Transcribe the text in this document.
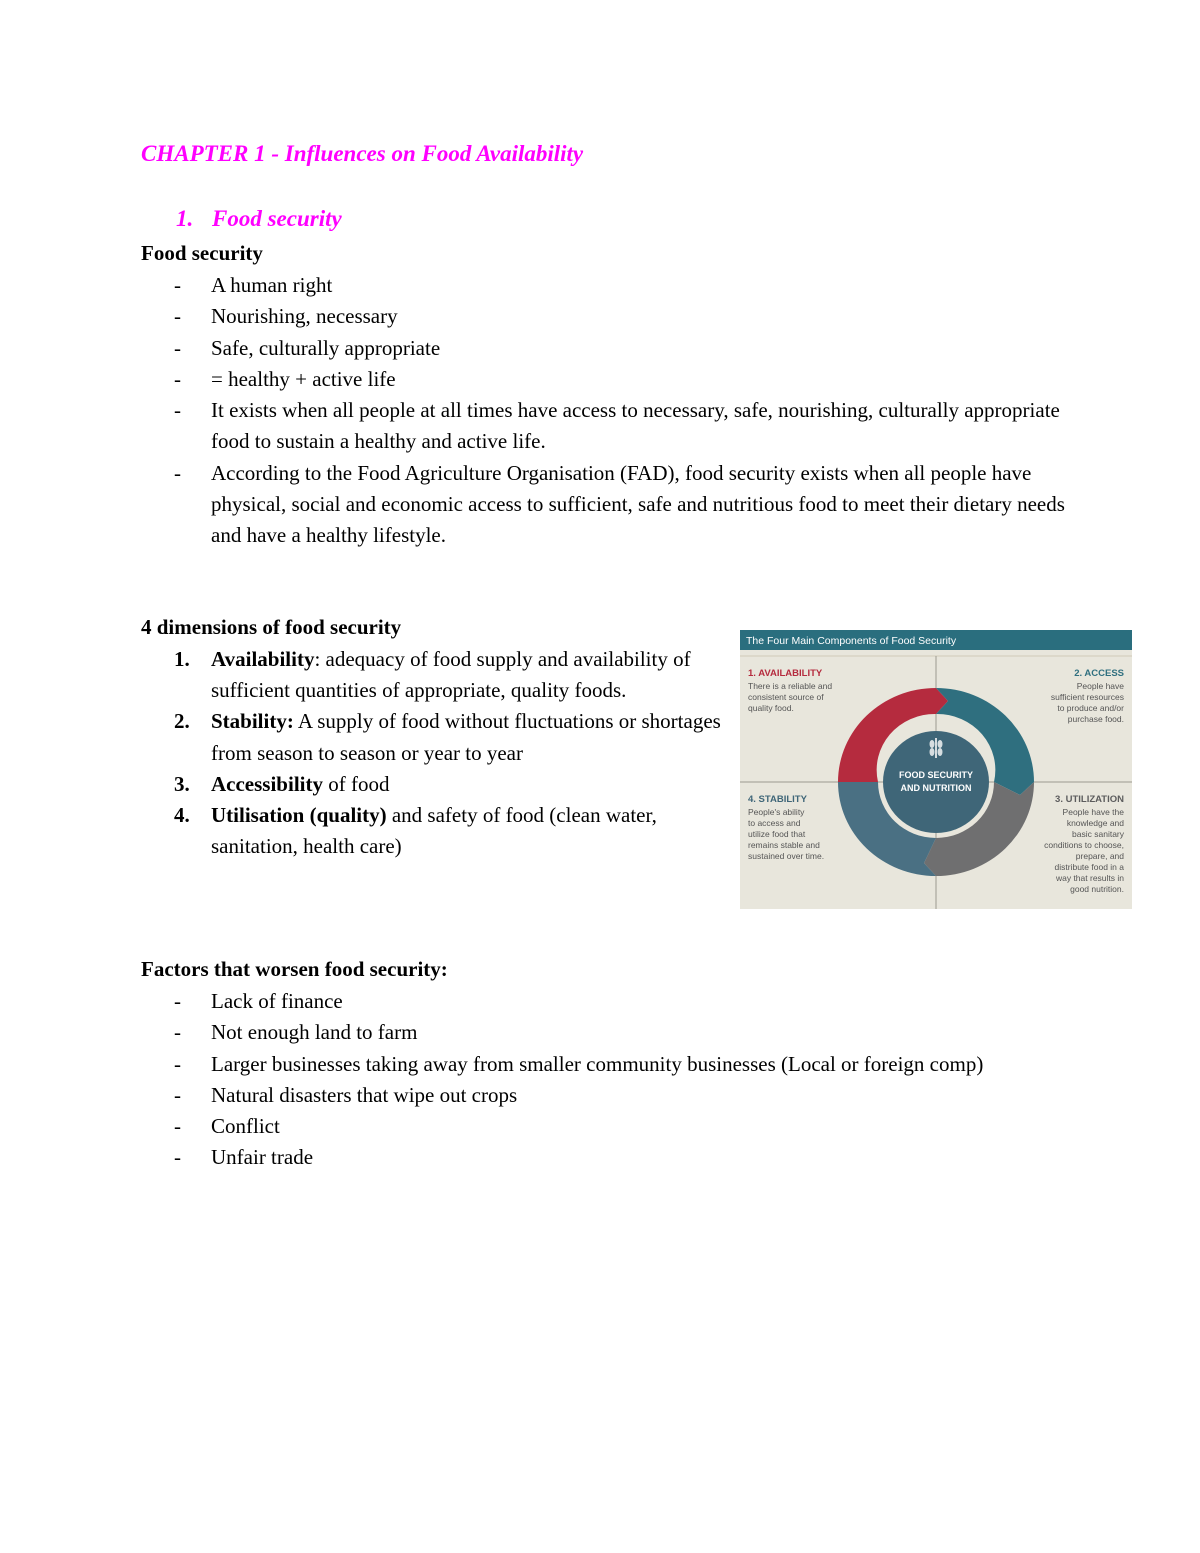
CHAPTER 1 - Influences on Food Availability
1. Food security
Food security
- A human right
- Nourishing, necessary
- Safe, culturally appropriate
- = healthy + active life
- It exists when all people at all times have access to necessary, safe, nourishing, culturally appropriate food to sustain a healthy and active life.
- According to the Food Agriculture Organisation (FAD), food security exists when all people have physical, social and economic access to sufficient, safe and nutritious food to meet their dietary needs and have a healthy lifestyle.
4 dimensions of food security
1. Availability: adequacy of food supply and availability of sufficient quantities of appropriate, quality foods.
2. Stability: A supply of food without fluctuations or shortages from season to season or year to year
3. Accessibility of food
4. Utilisation (quality) and safety of food (clean water, sanitation, health care)
The Four Main Components of Food Security
FOOD SECURITY
AND NUTRITION
1. AVAILABILITY
There is a reliable and
consistent source of
quality food.
2. ACCESS
People have
sufficient resources
to produce and/or
purchase food.
4. STABILITY
People's ability
to access and
utilize food that
remains stable and
sustained over time.
3. UTILIZATION
People have the
knowledge and
basic sanitary
conditions to choose,
prepare, and
distribute food in a
way that results in
good nutrition.
Factors that worsen food security:
- Lack of finance
- Not enough land to farm
- Larger businesses taking away from smaller community businesses (Local or foreign comp)
- Natural disasters that wipe out crops
- Conflict
- Unfair trade
